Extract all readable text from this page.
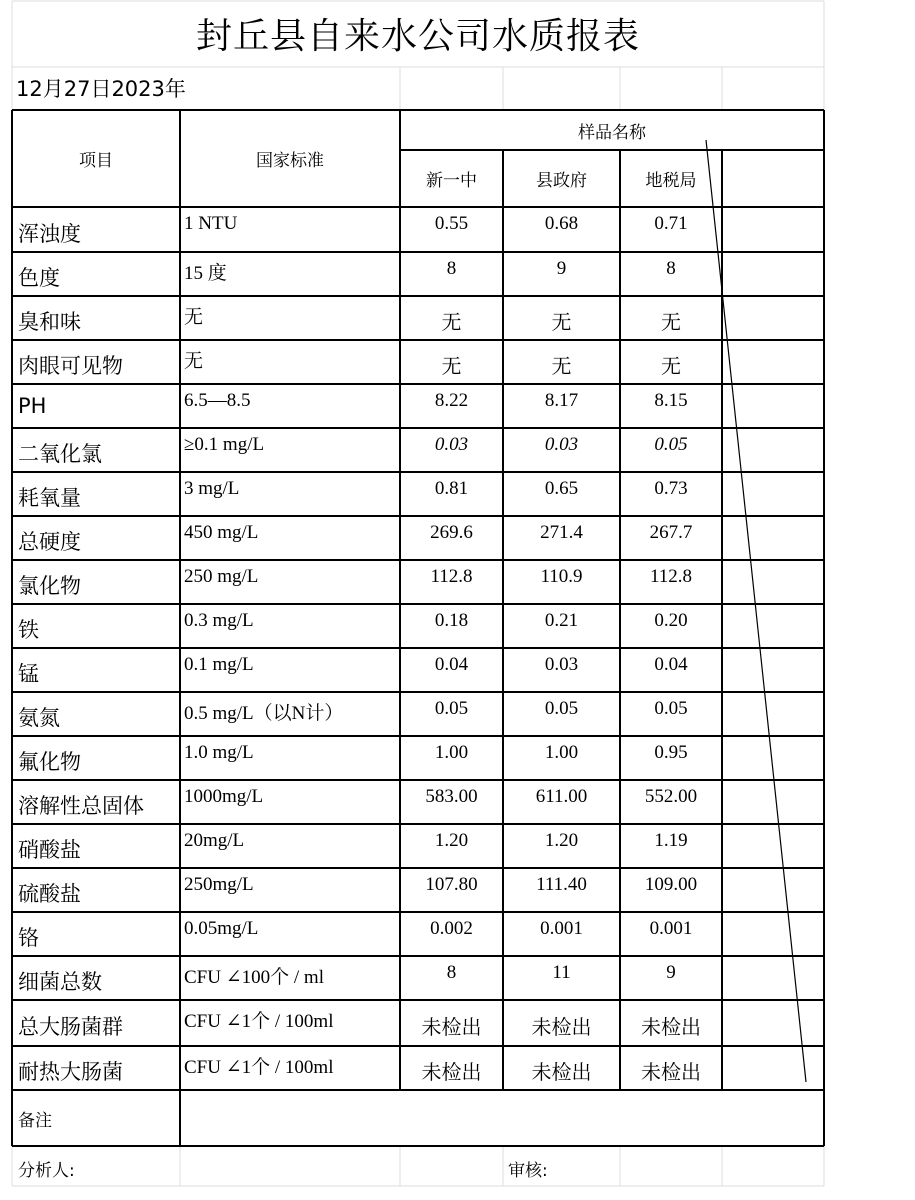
封丘县自来水公司水质报表
12月27日2023年
项目	国家标准
样品名称
新一中	县政府	地税局
浑浊度	1 NTU	0.55	0.68	0.71
色度	15 度	8	9	8
臭和味	无	无	无	无
肉眼可见物	无	无	无	无
PH	6.5—8.5	8.22	8.17	8.15
二氧化氯	≥0.1 mg/L	0.03	0.03	0.05
耗氧量	3 mg/L	0.81	0.65	0.73
总硬度	450 mg/L	269.6	271.4	267.7
氯化物	250 mg/L	112.8	110.9	112.8
铁	0.3 mg/L	0.18	0.21	0.20
锰	0.1 mg/L	0.04	0.03	0.04
氨氮	0.5 mg/L（以N计）	0.05	0.05	0.05
氟化物	1.0 mg/L	1.00	1.00	0.95
溶解性总固体	1000mg/L	583.00	611.00	552.00
硝酸盐	20mg/L	1.20	1.20	1.19
硫酸盐	250mg/L	107.80	111.40	109.00
铬	0.05mg/L	0.002	0.001	0.001
细菌总数	CFU ∠100个 / ml	8	11	9
总大肠菌群	CFU ∠1个 / 100ml	未检出	未检出	未检出
耐热大肠菌	CFU ∠1个 / 100ml	未检出	未检出	未检出
备注
分析人:	审核:
